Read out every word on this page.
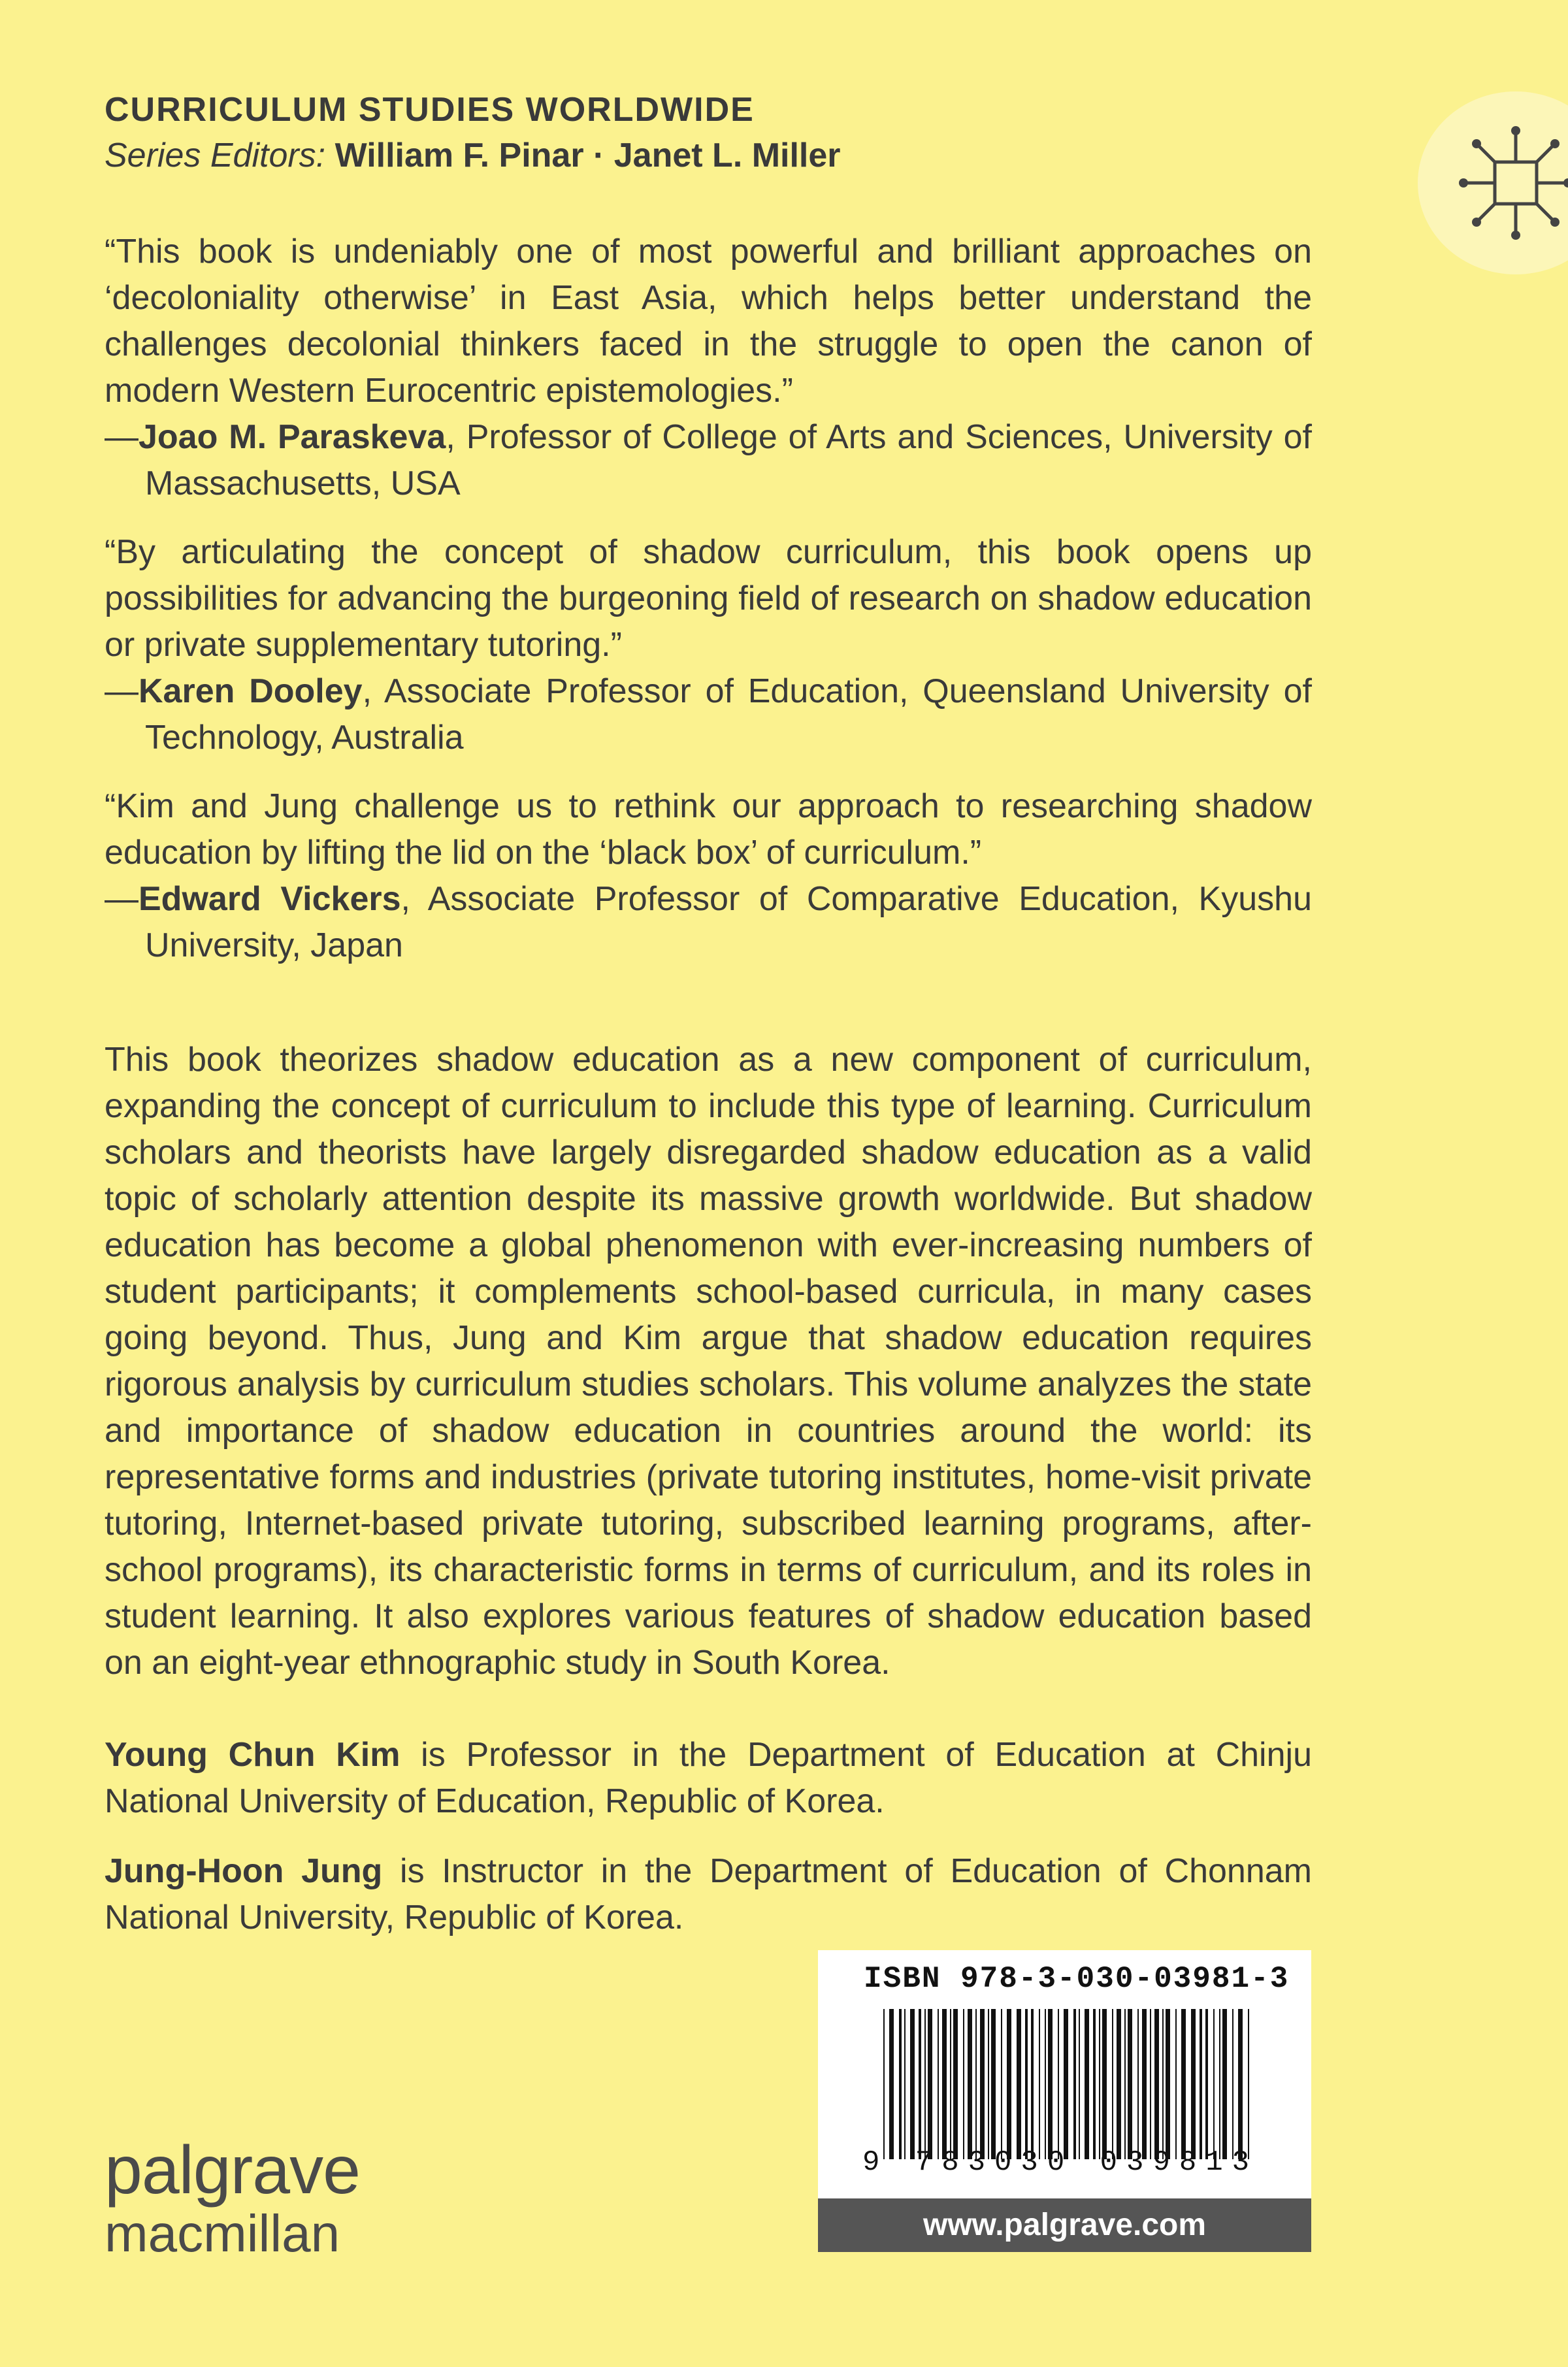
CURRICULUM STUDIES WORLDWIDE
Series Editors: William F. Pinar · Janet L. Miller

“This book is undeniably one of most powerful and brilliant approaches on ‘decoloniality otherwise’ in East Asia, which helps better understand the challenges decolonial thinkers faced in the struggle to open the canon of modern Western Eurocentric epistemologies.”

—Joao M. Paraskeva, Professor of College of Arts and Sciences, University of Massachusetts, USA

“By articulating the concept of shadow curriculum, this book opens up possibilities for advancing the burgeoning field of research on shadow education or private supplementary tutoring.”

—Karen Dooley, Associate Professor of Education, Queensland University of Technology, Australia

“Kim and Jung challenge us to rethink our approach to researching shadow education by lifting the lid on the ‘black box’ of curriculum.”

—Edward Vickers, Associate Professor of Comparative Education, Kyushu University, Japan

This book theorizes shadow education as a new component of curriculum, expanding the concept of curriculum to include this type of learning. Curriculum scholars and theorists have largely disregarded shadow education as a valid topic of scholarly attention despite its massive growth worldwide. But shadow education has become a global phenomenon with ever-increasing numbers of student participants; it complements school-based curricula, in many cases going beyond. Thus, Jung and Kim argue that shadow education requires rigorous analysis by curriculum studies scholars. This volume analyzes the state and importance of shadow education in countries around the world: its representative forms and industries (private tutoring institutes, home-visit private tutoring, Internet-based private tutoring, subscribed learning programs, after-school programs), its characteristic forms in terms of curriculum, and its roles in student learning. It also explores various features of shadow education based on an eight-year ethnographic study in South Korea.

Young Chun Kim is Professor in the Department of Education at Chinju National University of Education, Republic of Korea.

Jung-Hoon Jung is Instructor in the Department of Education of Chonnam National University, Republic of Korea.

palgrave
macmillan
ISBN 978-3-030-03981-3
9 783030 039813
www.palgrave.com
